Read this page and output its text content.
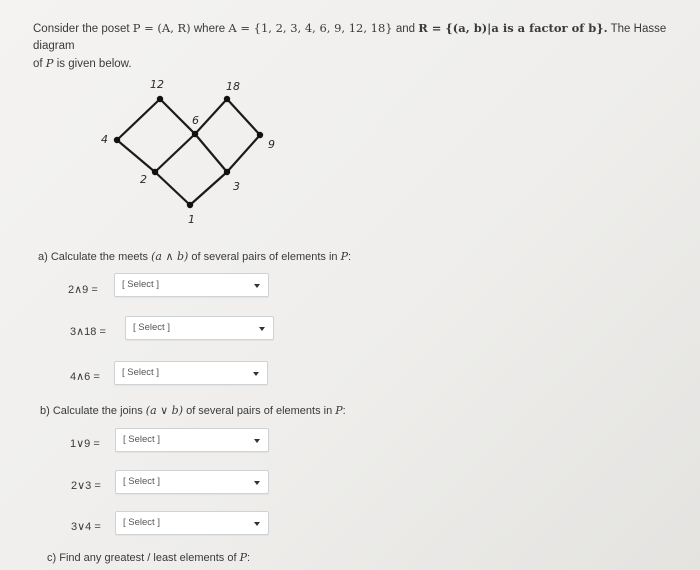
Consider the poset P = (A, R) where A = {1, 2, 3, 4, 6, 9, 12, 18} and R = {(a, b)|a is a factor of b}. The Hasse diagram
of P is given below.
12	18
4
6
9
2
3
1
a) Calculate the meets (a ∧ b) of several pairs of elements in P:
2∧9 =	[ Select ]
3∧18 =	[ Select ]
4∧6 = [ Select ]
b) Calculate the joins (a ∨ b) of several pairs of elements in P:
1∨9 = [ Select ]
2∨3 = [ Select ]
3∨4 = [ Select ]
c) Find any greatest / least elements of P:
